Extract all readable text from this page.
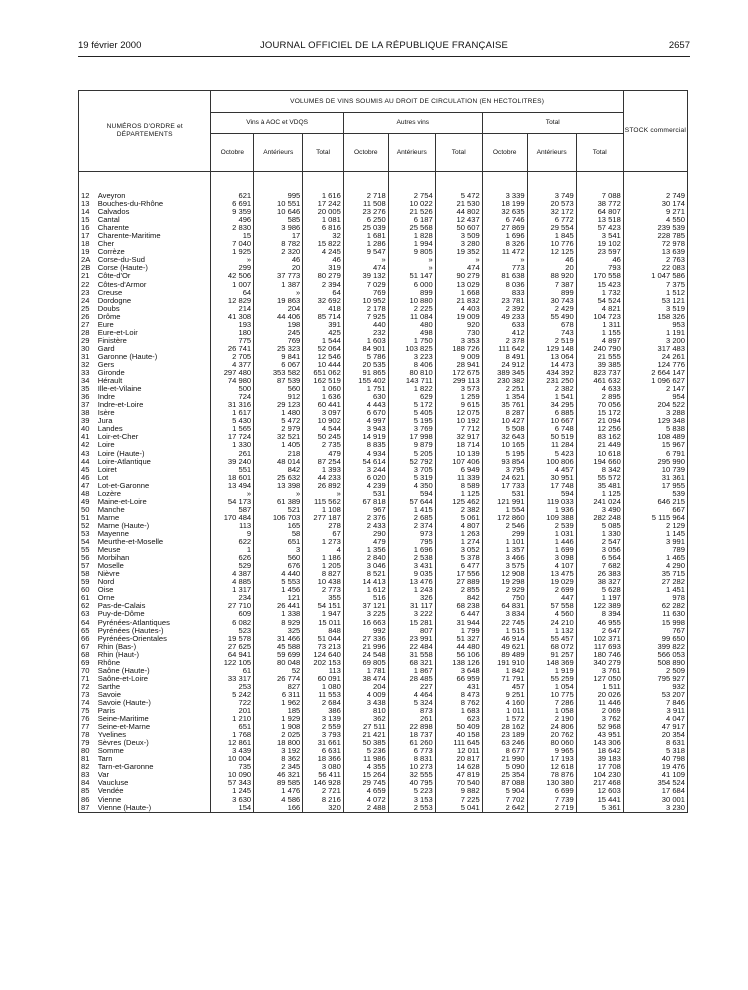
19 février 2000	JOURNAL OFFICIEL DE LA RÉPUBLIQUE FRANÇAISE	2657
NUMÉROS D'ORDRE et DÉPARTEMENTS		VOLUMES DE VINS SOUMIS AU DROIT DE CIRCULATION (EN HECTOLITRES)									STOCK commercial
		Vins à AOC et VDQS			Autres vins			Total			
		Octobre	Antérieurs	Total	Octobre	Antérieurs	Total	Octobre	Antérieurs	Total	
12	Aveyron	621	995	1 616	2 718	2 754	5 472	3 339	3 749	7 088	2 749
13	Bouches-du-Rhône	6 691	10 551	17 242	11 508	10 022	21 530	18 199	20 573	38 772	30 174
14	Calvados	9 359	10 646	20 005	23 276	21 526	44 802	32 635	32 172	64 807	9 271
15	Cantal	496	585	1 081	6 250	6 187	12 437	6 746	6 772	13 518	4 550
16	Charente	2 830	3 986	6 816	25 039	25 568	50 607	27 869	29 554	57 423	239 539
17	Charente-Maritime	15	17	32	1 681	1 828	3 509	1 696	1 845	3 541	228 785
18	Cher	7 040	8 782	15 822	1 286	1 994	3 280	8 326	10 776	19 102	72 978
19	Corrèze	1 925	2 320	4 245	9 547	9 805	19 352	11 472	12 125	23 597	13 639
2A	Corse-du-Sud	»	46	46	»	»	»	»	46	46	2 763
2B	Corse (Haute-)	299	20	319	474	»	474	773	20	793	22 083
21	Côte-d'Or	42 506	37 773	80 279	39 132	51 147	90 279	81 638	88 920	170 558	1 047 586
22	Côtes-d'Armor	1 007	1 387	2 394	7 029	6 000	13 029	8 036	7 387	15 423	7 375
23	Creuse	64	»	64	769	899	1 668	833	899	1 732	1 512
24	Dordogne	12 829	19 863	32 692	10 952	10 880	21 832	23 781	30 743	54 524	53 121
25	Doubs	214	204	418	2 178	2 225	4 403	2 392	2 429	4 821	3 519
26	Drôme	41 308	44 406	85 714	7 925	11 084	19 009	49 233	55 490	104 723	158 326
27	Eure	193	198	391	440	480	920	633	678	1 311	953
28	Eure-et-Loir	180	245	425	232	498	730	412	743	1 155	1 191
29	Finistère	775	769	1 544	1 603	1 750	3 353	2 378	2 519	4 897	3 200
30	Gard	26 741	25 323	52 064	84 901	103 825	188 726	111 642	129 148	240 790	317 483
31	Garonne (Haute-)	2 705	9 841	12 546	5 786	3 223	9 009	8 491	13 064	21 555	24 261
32	Gers	4 377	6 067	10 444	20 535	8 406	28 941	24 912	14 473	39 385	124 776
33	Gironde	297 480	353 582	651 062	91 865	80 810	172 675	389 345	434 392	823 737	2 664 147
34	Hérault	74 980	87 539	162 519	155 402	143 711	299 113	230 382	231 250	461 632	1 096 627
35	Ille-et-Vilaine	500	560	1 060	1 751	1 822	3 573	2 251	2 382	4 633	2 147
36	Indre	724	912	1 636	630	629	1 259	1 354	1 541	2 895	954
37	Indre-et-Loire	31 316	29 123	60 441	4 443	5 172	9 615	35 761	34 295	70 056	204 522
38	Isère	1 617	1 480	3 097	6 670	5 405	12 075	8 287	6 885	15 172	3 288
39	Jura	5 430	5 472	10 902	4 997	5 195	10 192	10 427	10 667	21 094	129 348
40	Landes	1 565	2 979	4 544	3 943	3 769	7 712	5 508	6 748	12 256	5 838
41	Loir-et-Cher	17 724	32 521	50 245	14 919	17 998	32 917	32 643	50 519	83 162	108 489
42	Loire	1 330	1 405	2 735	8 835	9 879	18 714	10 165	11 284	21 449	15 967
43	Loire (Haute-)	261	218	479	4 934	5 205	10 139	5 195	5 423	10 618	6 791
44	Loire-Atlantique	39 240	48 014	87 254	54 614	52 792	107 406	93 854	100 806	194 660	295 990
45	Loiret	551	842	1 393	3 244	3 705	6 949	3 795	4 457	8 342	10 739
46	Lot	18 601	25 632	44 233	6 020	5 319	11 339	24 621	30 951	55 572	31 361
47	Lot-et-Garonne	13 494	13 398	26 892	4 239	4 350	8 589	17 733	17 748	35 481	17 955
48	Lozère	»	»	»	531	594	1 125	531	594	1 125	539
49	Maine-et-Loire	54 173	61 389	115 562	67 818	57 644	125 462	121 991	119 033	241 024	646 215
50	Manche	587	521	1 108	967	1 415	2 382	1 554	1 936	3 490	667
51	Marne	170 484	106 703	277 187	2 376	2 685	5 061	172 860	109 388	282 248	5 115 964
52	Marne (Haute-)	113	165	278	2 433	2 374	4 807	2 546	2 539	5 085	2 129
53	Mayenne	9	58	67	290	973	1 263	299	1 031	1 330	1 145
54	Meurthe-et-Moselle	622	651	1 273	479	795	1 274	1 101	1 446	2 547	3 991
55	Meuse	1	3	4	1 356	1 696	3 052	1 357	1 699	3 056	789
56	Morbihan	626	560	1 186	2 840	2 538	5 378	3 466	3 098	6 564	1 465
57	Moselle	529	676	1 205	3 046	3 431	6 477	3 575	4 107	7 682	4 290
58	Nièvre	4 387	4 440	8 827	8 521	9 035	17 556	12 908	13 475	26 383	35 715
59	Nord	4 885	5 553	10 438	14 413	13 476	27 889	19 298	19 029	38 327	27 282
60	Oise	1 317	1 456	2 773	1 612	1 243	2 855	2 929	2 699	5 628	1 451
61	Orne	234	121	355	516	326	842	750	447	1 197	978
62	Pas-de-Calais	27 710	26 441	54 151	37 121	31 117	68 238	64 831	57 558	122 389	62 282
63	Puy-de-Dôme	609	1 338	1 947	3 225	3 222	6 447	3 834	4 560	8 394	11 630
64	Pyrénées-Atlantiques	6 082	8 929	15 011	16 663	15 281	31 944	22 745	24 210	46 955	15 998
65	Pyrénées (Hautes-)	523	325	848	992	807	1 799	1 515	1 132	2 647	767
66	Pyrénées-Orientales	19 578	31 466	51 044	27 336	23 991	51 327	46 914	55 457	102 371	99 650
67	Rhin (Bas-)	27 625	45 588	73 213	21 996	22 484	44 480	49 621	68 072	117 693	399 822
68	Rhin (Haut-)	64 941	59 699	124 640	24 548	31 558	56 106	89 489	91 257	180 746	566 053
69	Rhône	122 105	80 048	202 153	69 805	68 321	138 126	191 910	148 369	340 279	508 890
70	Saône (Haute-)	61	52	113	1 781	1 867	3 648	1 842	1 919	3 761	2 509
71	Saône-et-Loire	33 317	26 774	60 091	38 474	28 485	66 959	71 791	55 259	127 050	795 927
72	Sarthe	253	827	1 080	204	227	431	457	1 054	1 511	932
73	Savoie	5 242	6 311	11 553	4 009	4 464	8 473	9 251	10 775	20 026	53 207
74	Savoie (Haute-)	722	1 962	2 684	3 438	5 324	8 762	4 160	7 286	11 446	7 846
75	Paris	201	185	386	810	873	1 683	1 011	1 058	2 069	3 911
76	Seine-Maritime	1 210	1 929	3 139	362	261	623	1 572	2 190	3 762	4 047
77	Seine-et-Marne	651	1 908	2 559	27 511	22 898	50 409	28 162	24 806	52 968	47 917
78	Yvelines	1 768	2 025	3 793	21 421	18 737	40 158	23 189	20 762	43 951	20 354
79	Sèvres (Deux-)	12 861	18 800	31 661	50 385	61 260	111 645	63 246	80 060	143 306	8 631
80	Somme	3 439	3 192	6 631	5 236	6 773	12 011	8 677	9 965	18 642	5 318
81	Tarn	10 004	8 362	18 366	11 986	8 831	20 817	21 990	17 193	39 183	40 798
82	Tarn-et-Garonne	735	2 345	3 080	4 355	10 273	14 628	5 090	12 618	17 708	19 476
83	Var	10 090	46 321	56 411	15 264	32 555	47 819	25 354	78 876	104 230	41 109
84	Vaucluse	57 343	89 585	146 928	29 745	40 795	70 540	87 088	130 380	217 468	354 524
85	Vendée	1 245	1 476	2 721	4 659	5 223	9 882	5 904	6 699	12 603	17 684
86	Vienne	3 630	4 586	8 216	4 072	3 153	7 225	7 702	7 739	15 441	30 001
87	Vienne (Haute-)	154	166	320	2 488	2 553	5 041	2 642	2 719	5 361	3 230
